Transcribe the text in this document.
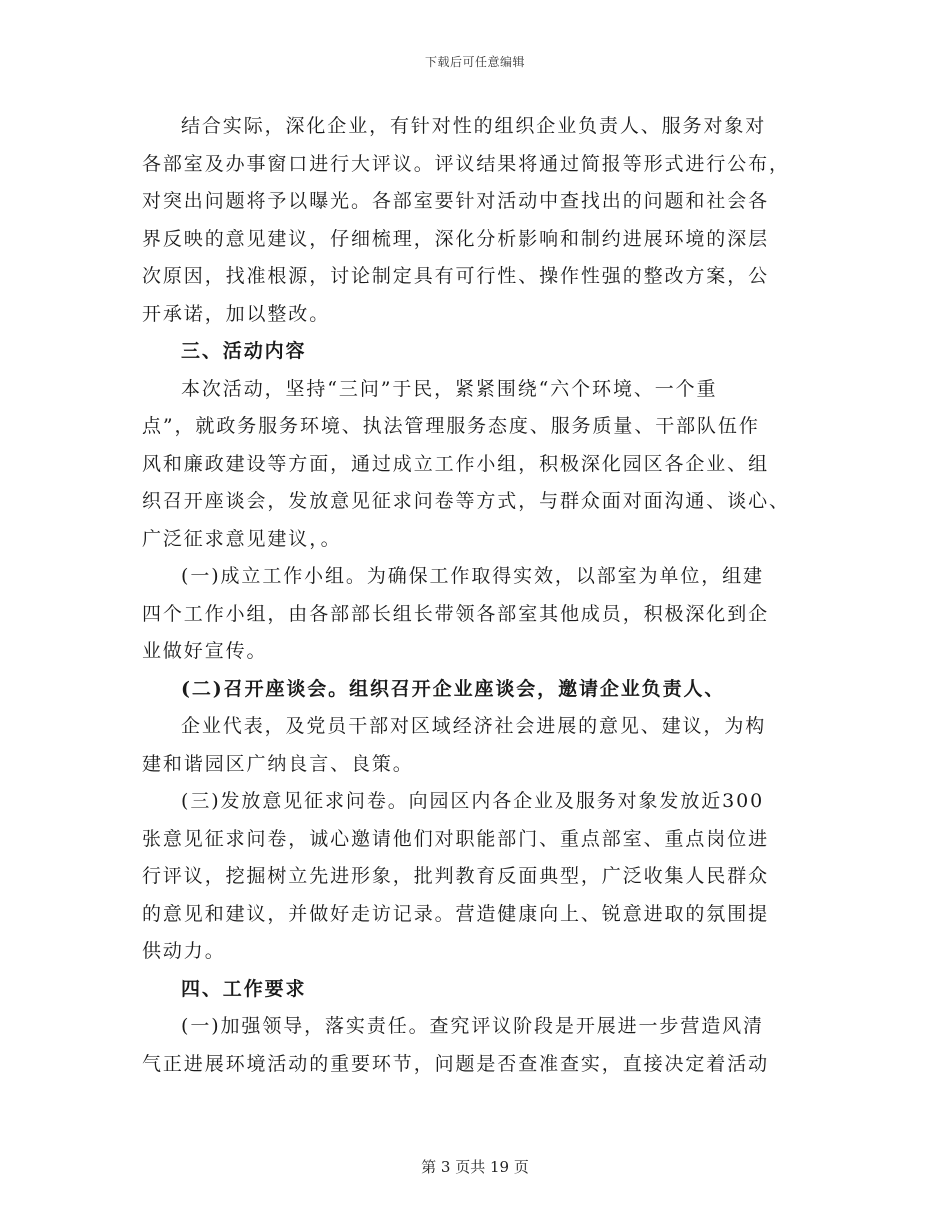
下载后可任意编辑
结合实际，深化企业，有针对性的组织企业负责人、服务对象对
各部室及办事窗口进行大评议。评议结果将通过简报等形式进行公布，
对突出问题将予以曝光。各部室要针对活动中查找出的问题和社会各
界反映的意见建议，仔细梳理，深化分析影响和制约进展环境的深层
次原因，找准根源，讨论制定具有可行性、操作性强的整改方案，公
开承诺，加以整改。
三、活动内容
本次活动，坚持“三问”于民，紧紧围绕“六个环境、一个重
点”，就政务服务环境、执法管理服务态度、服务质量、干部队伍作
风和廉政建设等方面，通过成立工作小组，积极深化园区各企业、组
织召开座谈会，发放意见征求问卷等方式，与群众面对面沟通、谈心、
广泛征求意见建议，。
(一)成立工作小组。为确保工作取得实效，以部室为单位，组建
四个工作小组，由各部部长组长带领各部室其他成员，积极深化到企
业做好宣传。
(二)召开座谈会。组织召开企业座谈会，邀请企业负责人、
企业代表，及党员干部对区域经济社会进展的意见、建议，为构
建和谐园区广纳良言、良策。
(三)发放意见征求问卷。向园区内各企业及服务对象发放近300
张意见征求问卷，诚心邀请他们对职能部门、重点部室、重点岗位进
行评议，挖掘树立先进形象，批判教育反面典型，广泛收集人民群众
的意见和建议，并做好走访记录。营造健康向上、锐意进取的氛围提
供动力。
四、工作要求
(一)加强领导，落实责任。查究评议阶段是开展进一步营造风清
气正进展环境活动的重要环节，问题是否查准查实，直接决定着活动
第 3 页共 19 页
